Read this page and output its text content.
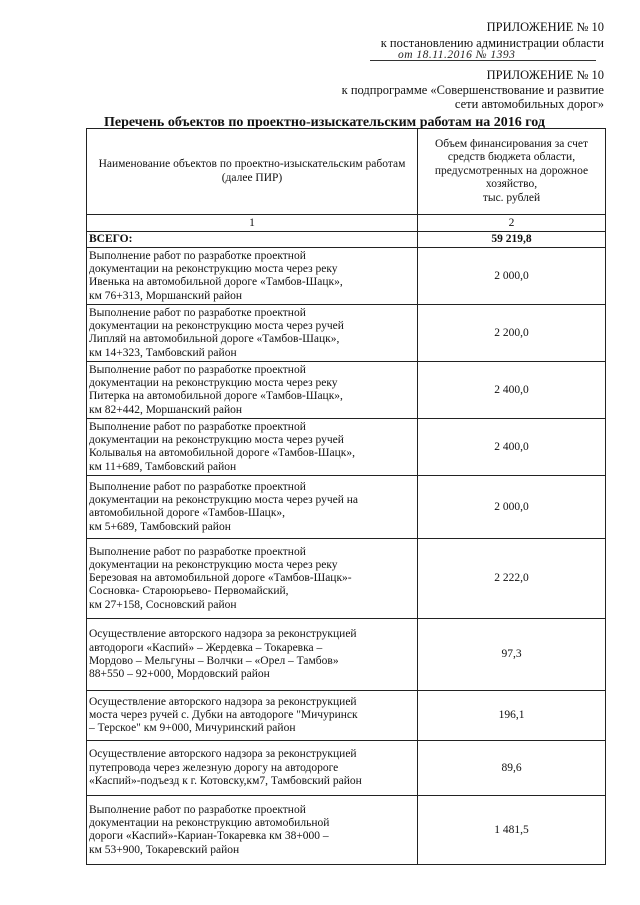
ПРИЛОЖЕНИЕ № 10
к постановлению администрации области
от 18.11.2016 № 1393
ПРИЛОЖЕНИЕ № 10
к подпрограмме «Совершенствование и развитие
сети автомобильных дорог»
Перечень объектов по проектно-изыскательским работам на 2016 год
Наименование объектов по проектно-изыскательским работам (далее ПИР)	Объем финансирования за счет
средств бюджета области,
предусмотренных на дорожное
хозяйство,
тыс. рублей

1	2
ВСЕГО:	59 219,8

Выполнение работ по разработке проектной
документации на реконструкцию моста через реку
Ивенька на автомобильной дороге «Тамбов-Шацк»,
км 76+313, Моршанский район	2 000,0

Выполнение работ по разработке проектной
документации на реконструкцию моста через ручей
Липляй на автомобильной дороге «Тамбов-Шацк»,
км 14+323, Тамбовский район	2 200,0

Выполнение работ по разработке проектной
документации на реконструкцию моста через реку
Питерка на автомобильной дороге «Тамбов-Шацк»,
км 82+442, Моршанский район	2 400,0

Выполнение работ по разработке проектной
документации на реконструкцию моста через ручей
Колывалья на автомобильной дороге «Тамбов-Шацк»,
км 11+689, Тамбовский район	2 400,0

Выполнение работ по разработке проектной
документации на реконструкцию моста через ручей на
автомобильной дороге «Тамбов-Шацк»,
км 5+689, Тамбовский район	2 000,0

Выполнение работ по разработке проектной
документации на реконструкцию моста через реку
Березовая на автомобильной дороге «Тамбов-Шацк»-
Сосновка- Староюрьево- Первомайский,
км 27+158, Сосновский район	2 222,0

Осуществление авторского надзора за реконструкцией
автодороги «Каспий» – Жердевка – Токаревка –
Мордово – Мельгуны – Волчки – «Орел – Тамбов»
88+550 – 92+000, Мордовский район	97,3

Осуществление авторского надзора за реконструкцией
моста через ручей с. Дубки на автодороге "Мичуринск
– Терское" км 9+000, Мичуринский район	196,1

Осуществление авторского надзора за реконструкцией
путепровода через железную дорогу на автодороге
«Каспий»-подъезд к г. Котовску,км7, Тамбовский район	89,6

Выполнение работ по разработке проектной
документации на реконструкцию автомобильной
дороги «Каспий»-Кариан-Токаревка км 38+000 –
км 53+900, Токаревский район	1 481,5
